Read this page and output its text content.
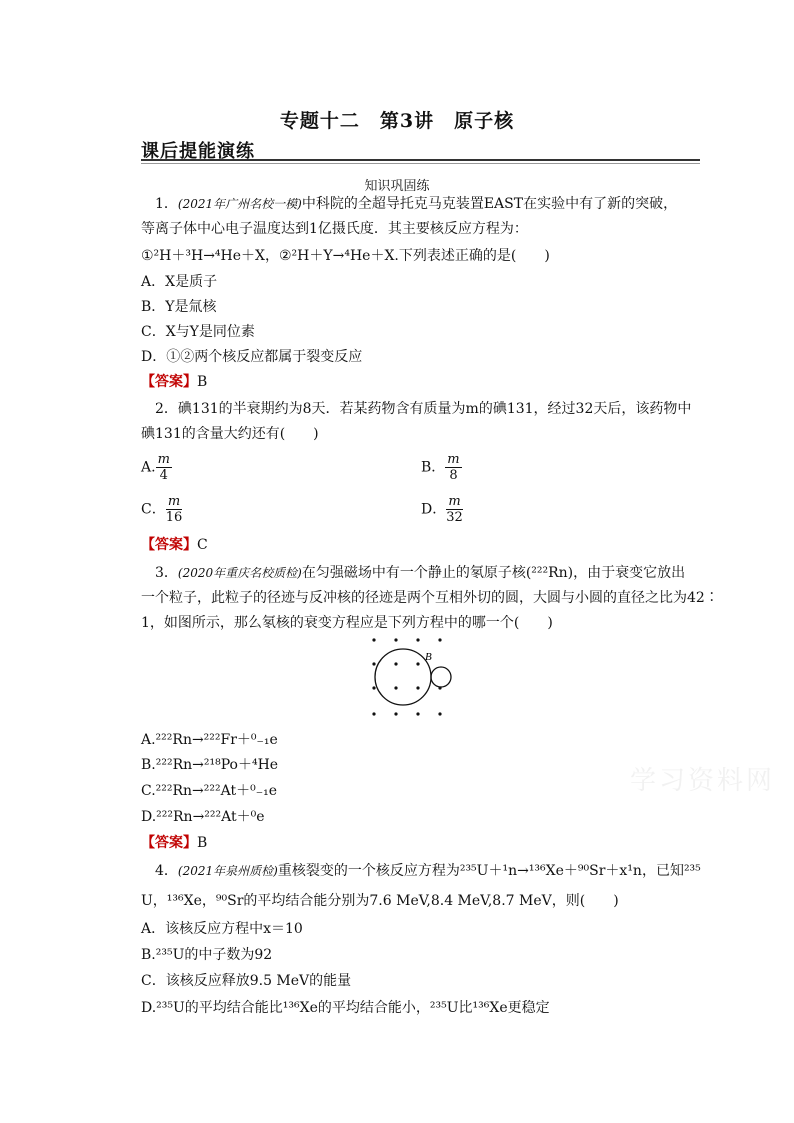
专题十二　第3讲　原子核
课后提能演练
知识巩固练
1．(2021年广州名校一模)中科院的全超导托克马克装置EAST在实验中有了新的突破，
等离子体中心电子温度达到1亿摄氏度．其主要核反应方程为：
①²H＋³H→⁴He＋X，②²H＋Y→⁴He＋X.下列表述正确的是(　　)
A．X是质子
B．Y是氚核
C．X与Y是同位素
D．①②两个核反应都属于裂变反应
【答案】B
2．碘131的半衰期约为8天．若某药物含有质量为m的碘131，经过32天后，该药物中
碘131的含量大约还有(　　)
A. $\frac{m}{4}$	B． $\frac{m}{8}$
C． $\frac{m}{16}$	D． $\frac{m}{32}$
【答案】C
3．(2020年重庆名校质检)在匀强磁场中有一个静止的氡原子核(²²²Rn)，由于衰变它放出
一个粒子，此粒子的径迹与反冲核的径迹是两个互相外切的圆，大圆与小圆的直径之比为42∶
1，如图所示，那么氡核的衰变方程应是下列方程中的哪一个(　　)
B
A.²²²Rn→²²²Fr＋⁰₋₁e
B.²²²Rn→²¹⁸Po＋⁴He
C.²²²Rn→²²²At＋⁰₋₁e
D.²²²Rn→²²²At＋⁰e
【答案】B
4．(2021年泉州质检)重核裂变的一个核反应方程为²³⁵U＋¹n→¹³⁶Xe＋⁹⁰Sr＋x¹n，已知²³⁵
U，¹³⁶Xe，⁹⁰Sr的平均结合能分别为7.6 MeV,8.4 MeV,8.7 MeV，则(　　)
A．该核反应方程中x＝10
B.²³⁵U的中子数为92
C．该核反应释放9.5 MeV的能量
D.²³⁵U的平均结合能比¹³⁶Xe的平均结合能小，²³⁵U比¹³⁶Xe更稳定
学习资料网
